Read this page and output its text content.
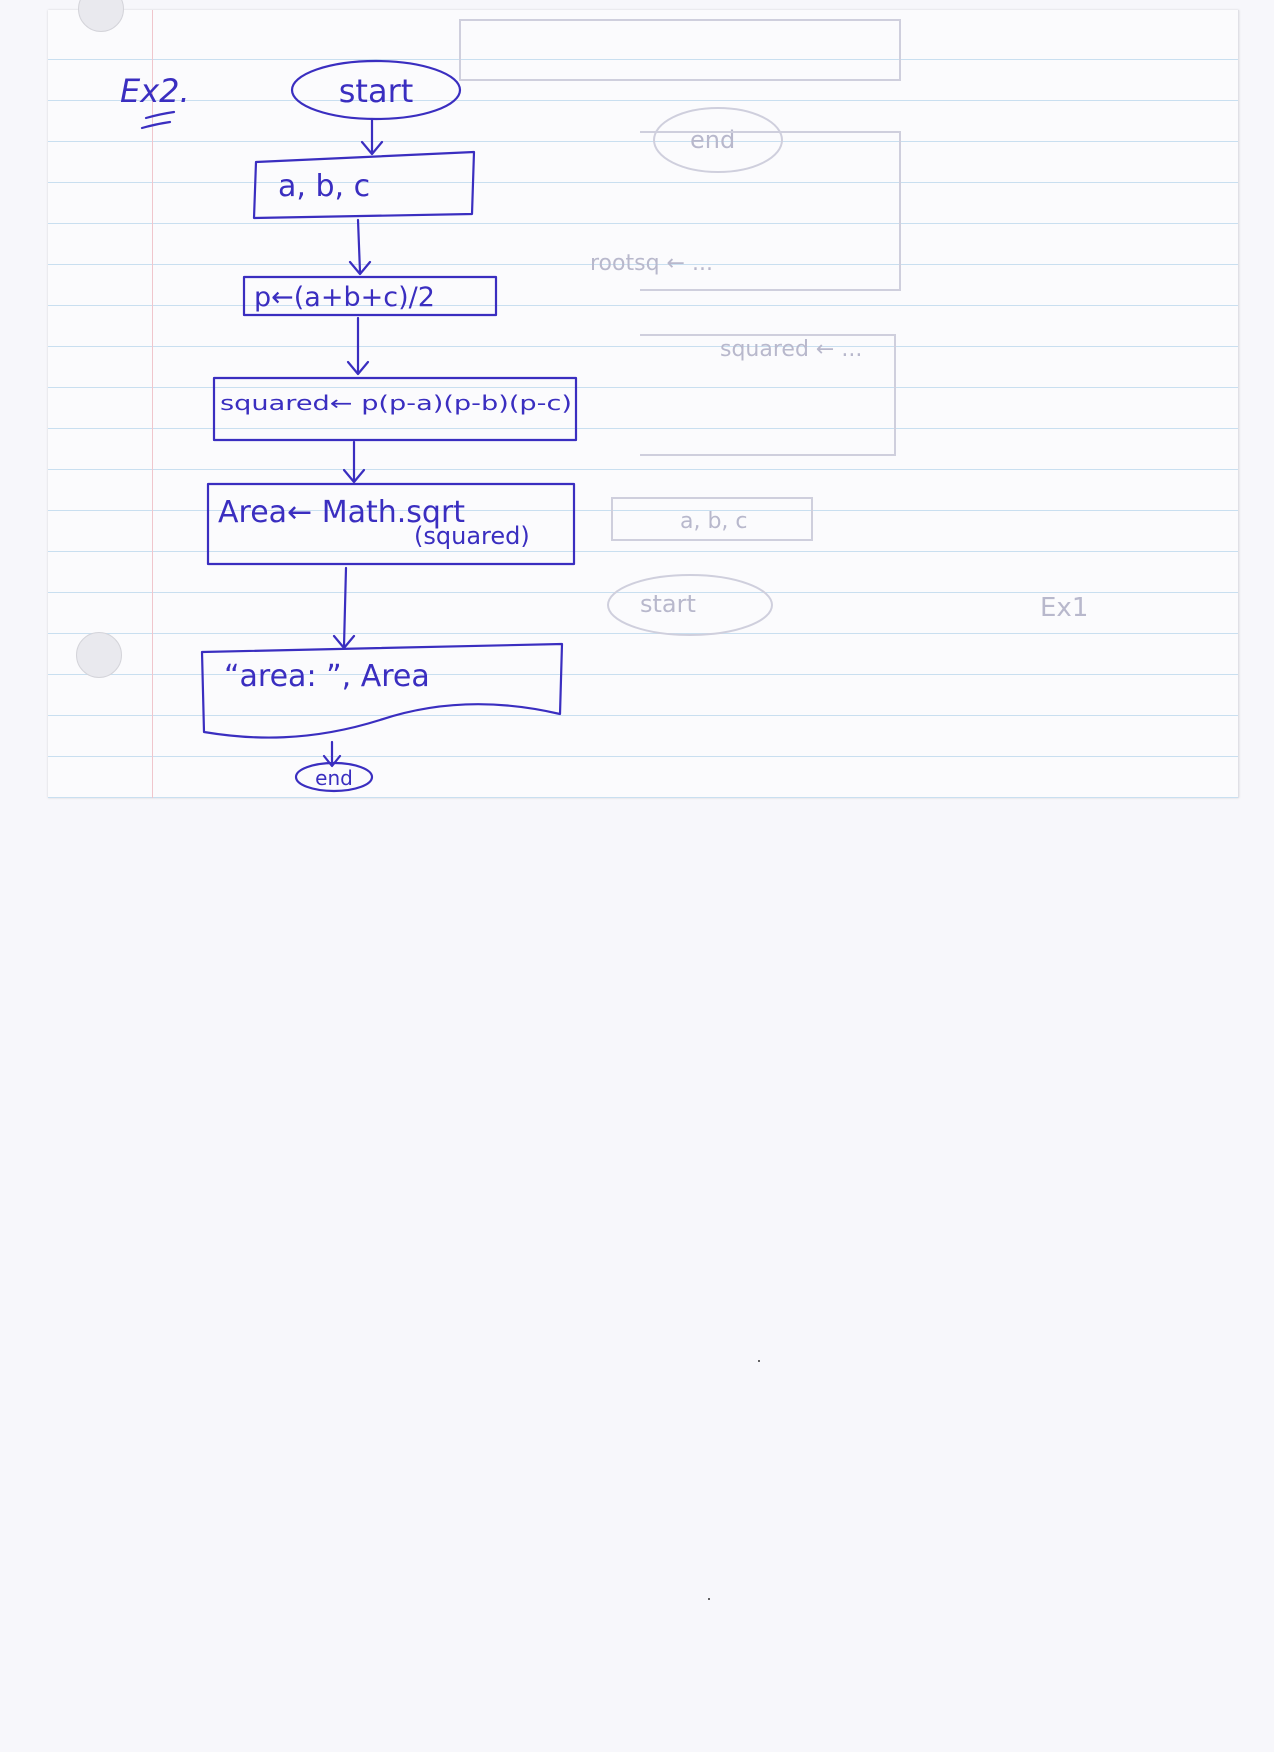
end
rootsq ← ...
squared ← ...
a, b, c
start	Ex1
Ex2.	start
a, b, c
p←(a+b+c)/2
squared← p(p-a)(p-b)(p-c)
Area← Math.sqrt
(squared)
“area: ”, Area
end
